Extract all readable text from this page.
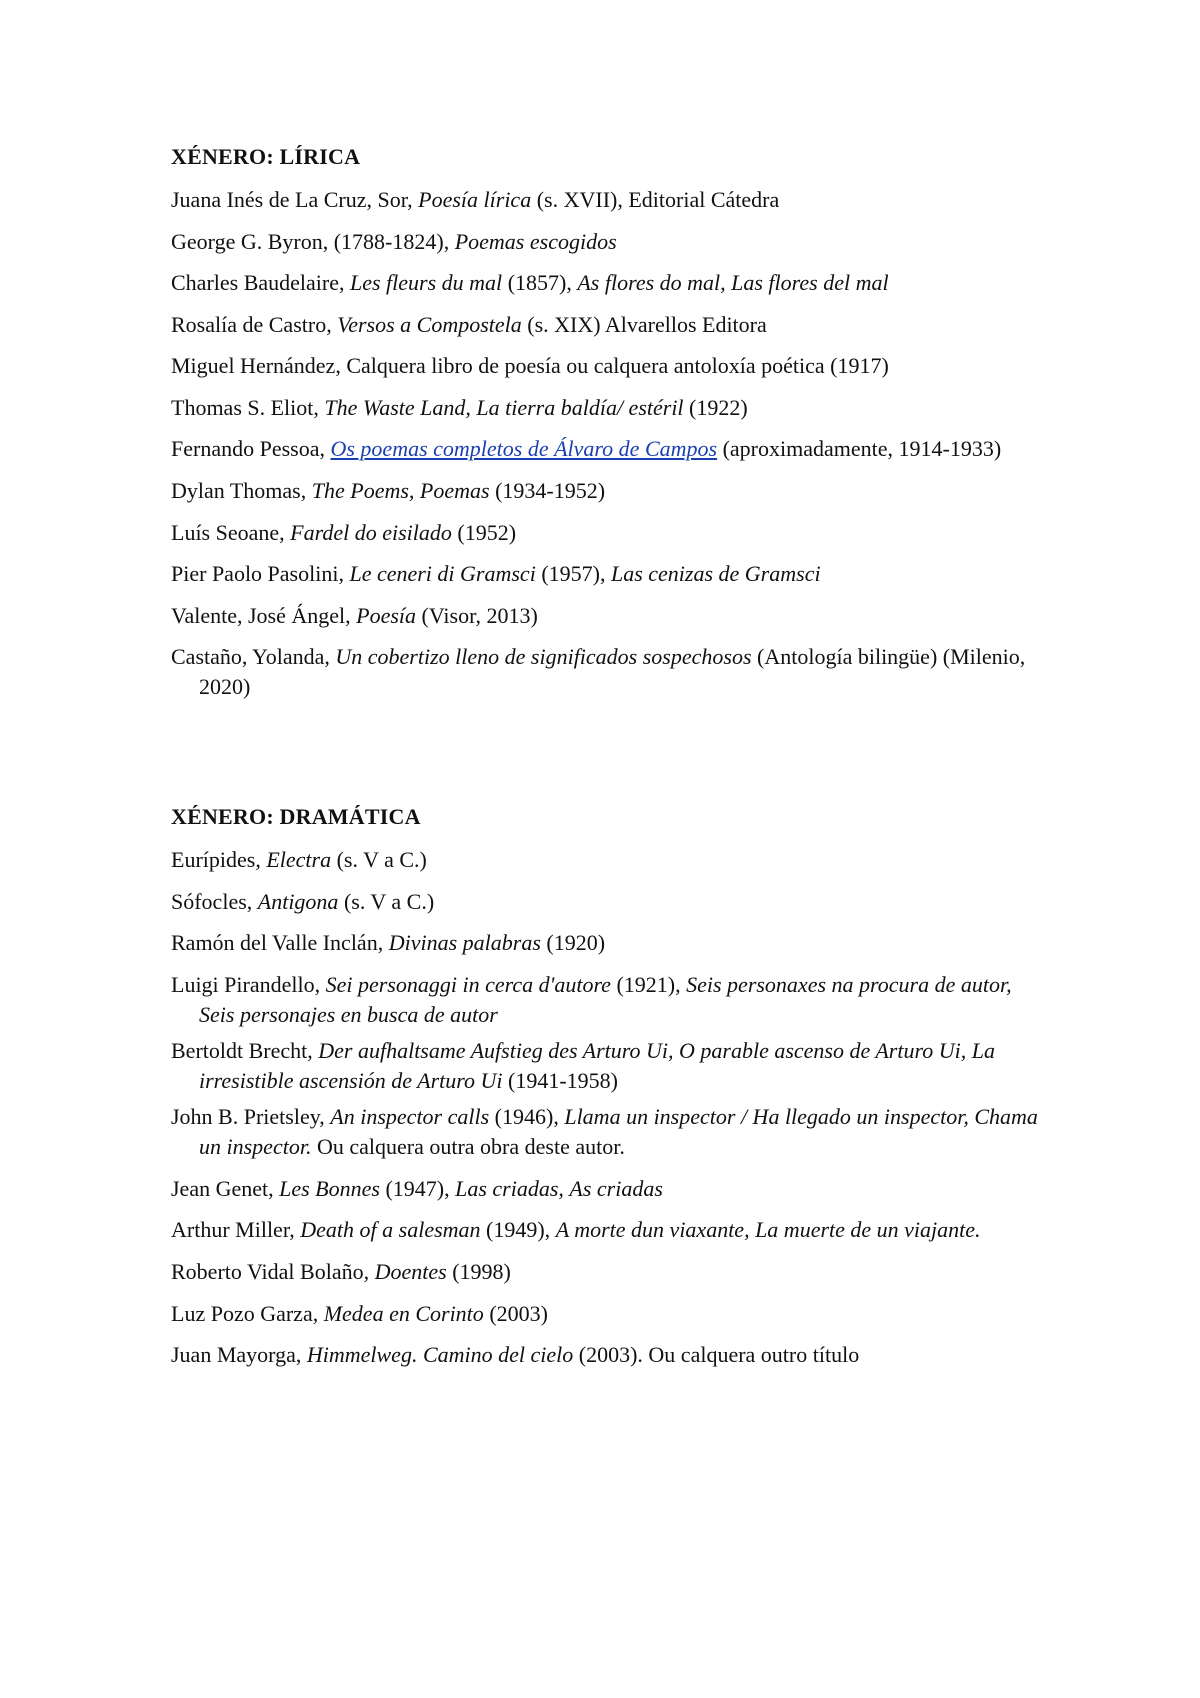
XÉNERO: LÍRICA

Juana Inés de La Cruz, Sor, Poesía lírica (s. XVII), Editorial Cátedra

George G. Byron, (1788-1824), Poemas escogidos

Charles Baudelaire, Les fleurs du mal (1857), As flores do mal, Las flores del mal

Rosalía de Castro, Versos a Compostela (s. XIX) Alvarellos Editora

Miguel Hernández, Calquera libro de poesía ou calquera antoloxía poética (1917)

Thomas S. Eliot, The Waste Land, La tierra baldía/ estéril (1922)

Fernando Pessoa, Os poemas completos de Álvaro de Campos (aproximadamente, 1914-1933)

Dylan Thomas, The Poems, Poemas (1934-1952)

Luís Seoane, Fardel do eisilado (1952)

Pier Paolo Pasolini, Le ceneri di Gramsci (1957), Las cenizas de Gramsci

Valente, José Ángel, Poesía (Visor, 2013)

Castaño, Yolanda, Un cobertizo lleno de significados sospechosos (Antología bilingüe) (Milenio, 2020)

XÉNERO: DRAMÁTICA

Eurípides, Electra (s. V a C.)

Sófocles, Antigona (s. V a C.)

Ramón del Valle Inclán, Divinas palabras (1920)

Luigi Pirandello, Sei personaggi in cerca d'autore (1921), Seis personaxes na procura de autor, Seis personajes en busca de autor

Bertoldt Brecht, Der aufhaltsame Aufstieg des Arturo Ui, O parable ascenso de Arturo Ui, La irresistible ascensión de Arturo Ui (1941-1958)

John B. Prietsley, An inspector calls (1946), Llama un inspector / Ha llegado un inspector, Chama un inspector. Ou calquera outra obra deste autor.

Jean Genet, Les Bonnes (1947), Las criadas, As criadas

Arthur Miller, Death of a salesman (1949), A morte dun viaxante, La muerte de un viajante.

Roberto Vidal Bolaño, Doentes (1998)

Luz Pozo Garza, Medea en Corinto (2003)

Juan Mayorga, Himmelweg. Camino del cielo (2003). Ou calquera outro título
